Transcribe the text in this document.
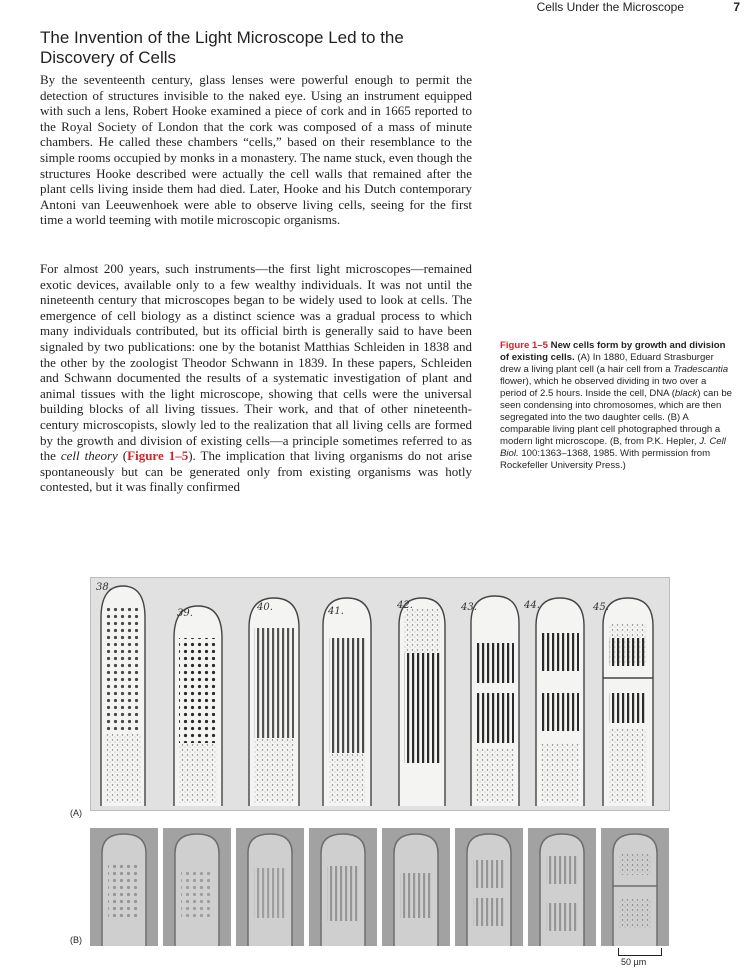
Cells Under the Microscope	7
The Invention of the Light Microscope Led to the Discovery of Cells

By the seventeenth century, glass lenses were powerful enough to permit the detection of structures invisible to the naked eye. Using an instrument equipped with such a lens, Robert Hooke examined a piece of cork and in 1665 reported to the Royal Society of London that the cork was composed of a mass of minute chambers. He called these chambers “cells,” based on their resemblance to the simple rooms occupied by monks in a monastery. The name stuck, even though the structures Hooke described were actually the cell walls that remained after the plant cells living inside them had died. Later, Hooke and his Dutch contemporary Antoni van Leeuwenhoek were able to observe living cells, seeing for the first time a world teeming with motile microscopic organisms.

For almost 200 years, such instruments—the first light microscopes—remained exotic devices, available only to a few wealthy individuals. It was not until the nineteenth century that microscopes began to be widely used to look at cells. The emergence of cell biology as a distinct science was a gradual process to which many individuals contributed, but its official birth is generally said to have been signaled by two publications: one by the botanist Matthias Schleiden in 1838 and the other by the zoologist Theodor Schwann in 1839. In these papers, Schleiden and Schwann documented the results of a systematic investigation of plant and animal tissues with the light microscope, showing that cells were the universal building blocks of all living tissues. Their work, and that of other nineteenth-century microscopists, slowly led to the realization that all living cells are formed by the growth and division of existing cells—a principle sometimes referred to as the cell theory (Figure 1–5). The implication that living organisms do not arise spontaneously but can be generated only from existing organisms was hotly contested, but it was finally confirmed

Figure 1–5 New cells form by growth and division of existing cells. (A) In 1880, Eduard Strasburger drew a living plant cell (a hair cell from a Tradescantia flower), which he observed dividing in two over a period of 2.5 hours. Inside the cell, DNA (black) can be seen condensing into chromosomes, which are then segregated into the two daughter cells. (B) A comparable living plant cell photographed through a modern light microscope. (B, from P.K. Hepler, J. Cell Biol. 100:1363–1368, 1985. With permission from Rockefeller University Press.)
38.
39.
40.	41.
42.	43.	44.	45.
(A)
(B)
50 µm
